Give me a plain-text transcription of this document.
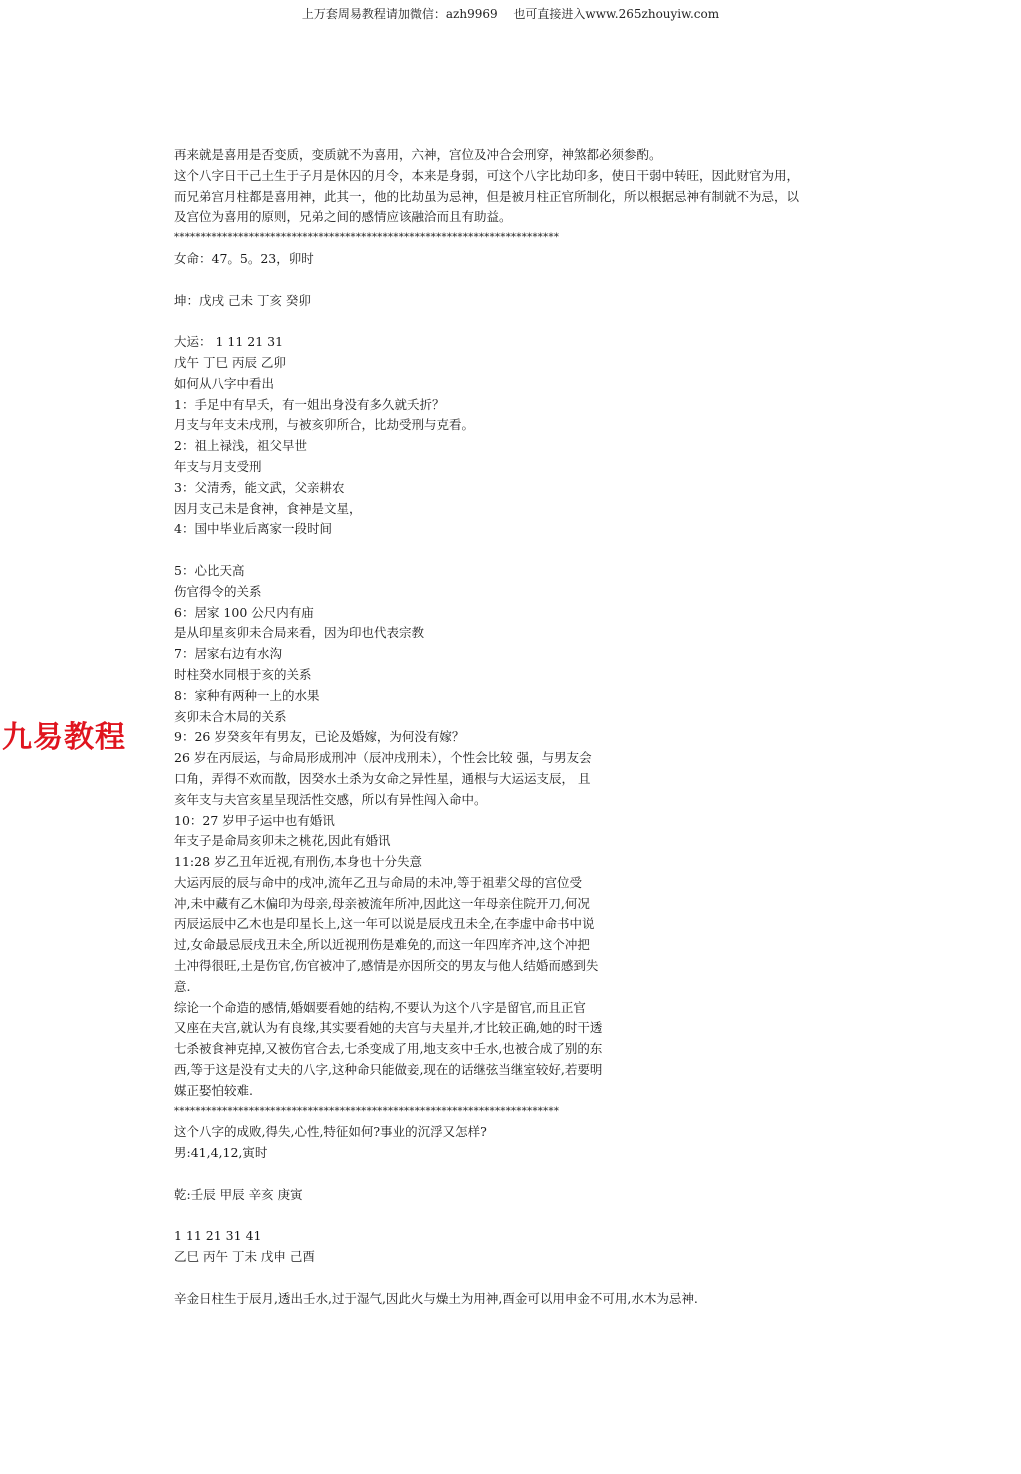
上万套周易教程请加微信：azh9969　 也可直接进入www.265zhouyiw.com
九易教程
再来就是喜用是否变质，变质就不为喜用，六神，宫位及冲合会刑穿，神煞都必须参酌。
这个八字日干己土生于子月是休囚的月令，本来是身弱，可这个八字比劫印多，使日干弱中转旺，因此财官为用，
而兄弟宫月柱都是喜用神，此其一，他的比劫虽为忌神，但是被月柱正官所制化，所以根据忌神有制就不为忌，以
及宫位为喜用的原则，兄弟之间的感情应该融洽而且有助益。
************************************************************************
女命：47。5。23，卯时
坤：戊戌 己未 丁亥 癸卯
大运： 1 11 21 31
戊午 丁巳 丙辰 乙卯
如何从八字中看出
1：手足中有早夭，有一姐出身没有多久就夭折？
月支与年支未戌刑，与被亥卯所合，比劫受刑与克看。
2：祖上禄浅，祖父早世
年支与月支受刑
3：父清秀，能文武，父亲耕农
因月支己未是食神，食神是文星，
4：国中毕业后离家一段时间
5：心比天高
伤官得令的关系
6：居家 100 公尺内有庙
是从印星亥卯未合局来看，因为印也代表宗教
7：居家右边有水沟
时柱癸水同根于亥的关系
8：家种有两种一上的水果
亥卯未合木局的关系
9：26 岁癸亥年有男友，已论及婚嫁，为何没有嫁？
26 岁在丙辰运，与命局形成刑冲（辰冲戌刑未），个性会比较 强，与男友会
口角，弄得不欢而散，因癸水土杀为女命之异性星，通根与大运运支辰， 且
亥年支与夫宫亥星呈现活性交感，所以有异性闯入命中。
10：27 岁甲子运中也有婚讯
年支子是命局亥卯未之桃花,因此有婚讯
11:28 岁乙丑年近视,有刑伤,本身也十分失意
大运丙辰的辰与命中的戌冲,流年乙丑与命局的未冲,等于祖辈父母的宫位受
冲,未中藏有乙木偏印为母亲,母亲被流年所冲,因此这一年母亲住院开刀,何况
丙辰运辰中乙木也是印星长上,这一年可以说是辰戌丑未全,在李虚中命书中说
过,女命最忌辰戌丑未全,所以近视刑伤是难免的,而这一年四库齐冲,这个冲把
土冲得很旺,土是伤官,伤官被冲了,感情是亦因所交的男友与他人结婚而感到失
意.
综论一个命造的感情,婚姻要看她的结构,不要认为这个八字是留官,而且正官
又座在夫宫,就认为有良缘,其实要看她的夫宫与夫星并,才比较正确,她的时干透
七杀被食神克掉,又被伤官合去,七杀变成了用,地支亥中壬水,也被合成了别的东
西,等于这是没有丈夫的八字,这种命只能做妾,现在的话继弦当继室较好,若要明
媒正娶怕较难.
************************************************************************
这个八字的成败,得失,心性,特征如何?事业的沉浮又怎样?
男:41,4,12,寅时
乾:壬辰 甲辰 辛亥 庚寅
1 11 21 31 41
乙巳 丙午 丁未 戊申 己酉
辛金日柱生于辰月,透出壬水,过于湿气,因此火与燥土为用神,酉金可以用申金不可用,水木为忌神.
